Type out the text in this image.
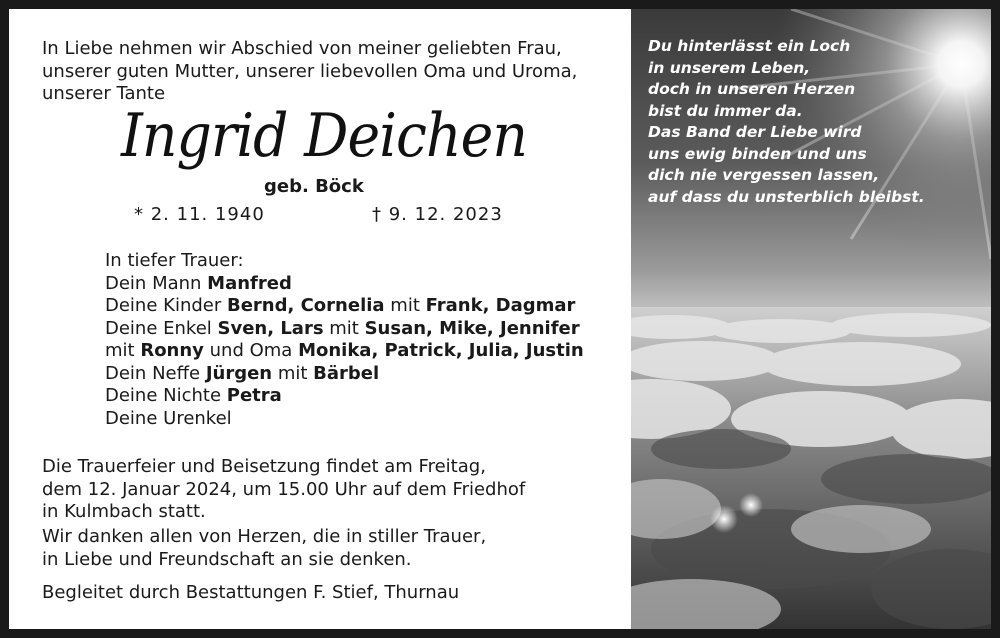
In Liebe nehmen wir Abschied von meiner geliebten Frau,
unserer guten Mutter, unserer liebevollen Oma und Uroma,
unserer Tante
Ingrid Deichen
geb. Böck
* 2. 11. 1940	† 9. 12. 2023
In tiefer Trauer:
Dein Mann Manfred
Deine Kinder Bernd, Cornelia mit Frank, Dagmar
Deine Enkel Sven, Lars mit Susan, Mike, Jennifer
mit Ronny und Oma Monika, Patrick, Julia, Justin
Dein Neffe Jürgen mit Bärbel
Deine Nichte Petra
Deine Urenkel
Die Trauerfeier und Beisetzung findet am Freitag,
dem 12. Januar 2024, um 15.00 Uhr auf dem Friedhof
in Kulmbach statt.
Wir danken allen von Herzen, die in stiller Trauer,
in Liebe und Freundschaft an sie denken.
Begleitet durch Bestattungen F. Stief, Thurnau
Du hinterlässt ein Loch
in unserem Leben,
doch in unseren Herzen
bist du immer da.
Das Band der Liebe wird
uns ewig binden und uns
dich nie vergessen lassen,
auf dass du unsterblich bleibst.
